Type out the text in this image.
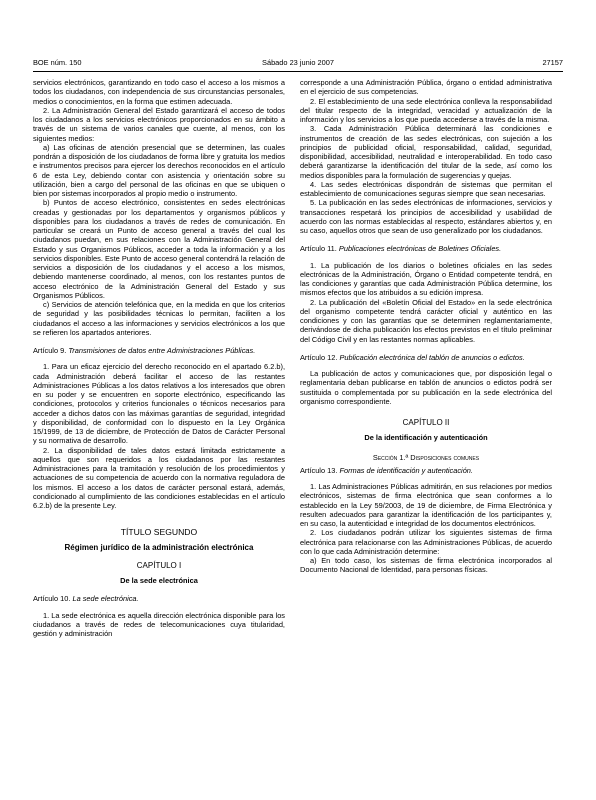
BOE núm. 150	Sábado 23 junio 2007	27157

servicios electrónicos, garantizando en todo caso el acceso a los mismos a todos los ciudadanos, con independencia de sus circunstancias personales, medios o conocimientos, en la forma que estimen adecuada.

2. La Administración General del Estado garantizará el acceso de todos los ciudadanos a los servicios electrónicos proporcionados en su ámbito a través de un sistema de varios canales que cuente, al menos, con los siguientes medios:

a) Las oficinas de atención presencial que se determinen, las cuales pondrán a disposición de los ciudadanos de forma libre y gratuita los medios e instrumentos precisos para ejercer los derechos reconocidos en el artículo 6 de esta Ley, debiendo contar con asistencia y orientación sobre su utilización, bien a cargo del personal de las oficinas en que se ubiquen o bien por sistemas incorporados al propio medio o instrumento.

b) Puntos de acceso electrónico, consistentes en sedes electrónicas creadas y gestionadas por los departamentos y organismos públicos y disponibles para los ciudadanos a través de redes de comunicación. En particular se creará un Punto de acceso general a través del cual los ciudadanos puedan, en sus relaciones con la Administración General del Estado y sus Organismos Públicos, acceder a toda la información y a los servicios disponibles. Este Punto de acceso general contendrá la relación de servicios a disposición de los ciudadanos y el acceso a los mismos, debiendo mantenerse coordinado, al menos, con los restantes puntos de acceso electrónico de la Administración General del Estado y sus Organismos Públicos.

c) Servicios de atención telefónica que, en la medida en que los criterios de seguridad y las posibilidades técnicas lo permitan, faciliten a los ciudadanos el acceso a las informaciones y servicios electrónicos a los que se refieren los apartados anteriores.

Artículo 9. Transmisiones de datos entre Administraciones Públicas.

1. Para un eficaz ejercicio del derecho reconocido en el apartado 6.2.b), cada Administración deberá facilitar el acceso de las restantes Administraciones Públicas a los datos relativos a los interesados que obren en su poder y se encuentren en soporte electrónico, especificando las condiciones, protocolos y criterios funcionales o técnicos necesarios para acceder a dichos datos con las máximas garantías de seguridad, integridad y disponibilidad, de conformidad con lo dispuesto en la Ley Orgánica 15/1999, de 13 de diciembre, de Protección de Datos de Carácter Personal y su normativa de desarrollo.

2. La disponibilidad de tales datos estará limitada estrictamente a aquellos que son requeridos a los ciudadanos por las restantes Administraciones para la tramitación y resolución de los procedimientos y actuaciones de su competencia de acuerdo con la normativa reguladora de los mismos. El acceso a los datos de carácter personal estará, además, condicionado al cumplimiento de las condiciones establecidas en el artículo 6.2.b) de la presente Ley.

TÍTULO SEGUNDO

Régimen jurídico de la administración electrónica

CAPÍTULO I

De la sede electrónica

Artículo 10. La sede electrónica.

1. La sede electrónica es aquella dirección electrónica disponible para los ciudadanos a través de redes de telecomunicaciones cuya titularidad, gestión y administración

corresponde a una Administración Pública, órgano o entidad administrativa en el ejercicio de sus competencias.

2. El establecimiento de una sede electrónica conlleva la responsabilidad del titular respecto de la integridad, veracidad y actualización de la información y los servicios a los que pueda accederse a través de la misma.

3. Cada Administración Pública determinará las condiciones e instrumentos de creación de las sedes electrónicas, con sujeción a los principios de publicidad oficial, responsabilidad, calidad, seguridad, disponibilidad, accesibilidad, neutralidad e interoperabilidad. En todo caso deberá garantizarse la identificación del titular de la sede, así como los medios disponibles para la formulación de sugerencias y quejas.

4. Las sedes electrónicas dispondrán de sistemas que permitan el establecimiento de comunicaciones seguras siempre que sean necesarias.

5. La publicación en las sedes electrónicas de informaciones, servicios y transacciones respetará los principios de accesibilidad y usabilidad de acuerdo con las normas establecidas al respecto, estándares abiertos y, en su caso, aquellos otros que sean de uso generalizado por los ciudadanos.

Artículo 11. Publicaciones electrónicas de Boletines Oficiales.

1. La publicación de los diarios o boletines oficiales en las sedes electrónicas de la Administración, Órgano o Entidad competente tendrá, en las condiciones y garantías que cada Administración Pública determine, los mismos efectos que los atribuidos a su edición impresa.

2. La publicación del «Boletín Oficial del Estado» en la sede electrónica del organismo competente tendrá carácter oficial y auténtico en las condiciones y con las garantías que se determinen reglamentariamente, derivándose de dicha publicación los efectos previstos en el título preliminar del Código Civil y en las restantes normas aplicables.

Artículo 12. Publicación electrónica del tablón de anuncios o edictos.

La publicación de actos y comunicaciones que, por disposición legal o reglamentaria deban publicarse en tablón de anuncios o edictos podrá ser sustituida o complementada por su publicación en la sede electrónica del organismo correspondiente.

CAPÍTULO II

De la identificación y autenticación

Sección 1.ª Disposiciones comunes

Artículo 13. Formas de identificación y autenticación.

1. Las Administraciones Públicas admitirán, en sus relaciones por medios electrónicos, sistemas de firma electrónica que sean conformes a lo establecido en la Ley 59/2003, de 19 de diciembre, de Firma Electrónica y resulten adecuados para garantizar la identificación de los participantes y, en su caso, la autenticidad e integridad de los documentos electrónicos.

2. Los ciudadanos podrán utilizar los siguientes sistemas de firma electrónica para relacionarse con las Administraciones Públicas, de acuerdo con lo que cada Administración determine:

a) En todo caso, los sistemas de firma electrónica incorporados al Documento Nacional de Identidad, para personas físicas.
